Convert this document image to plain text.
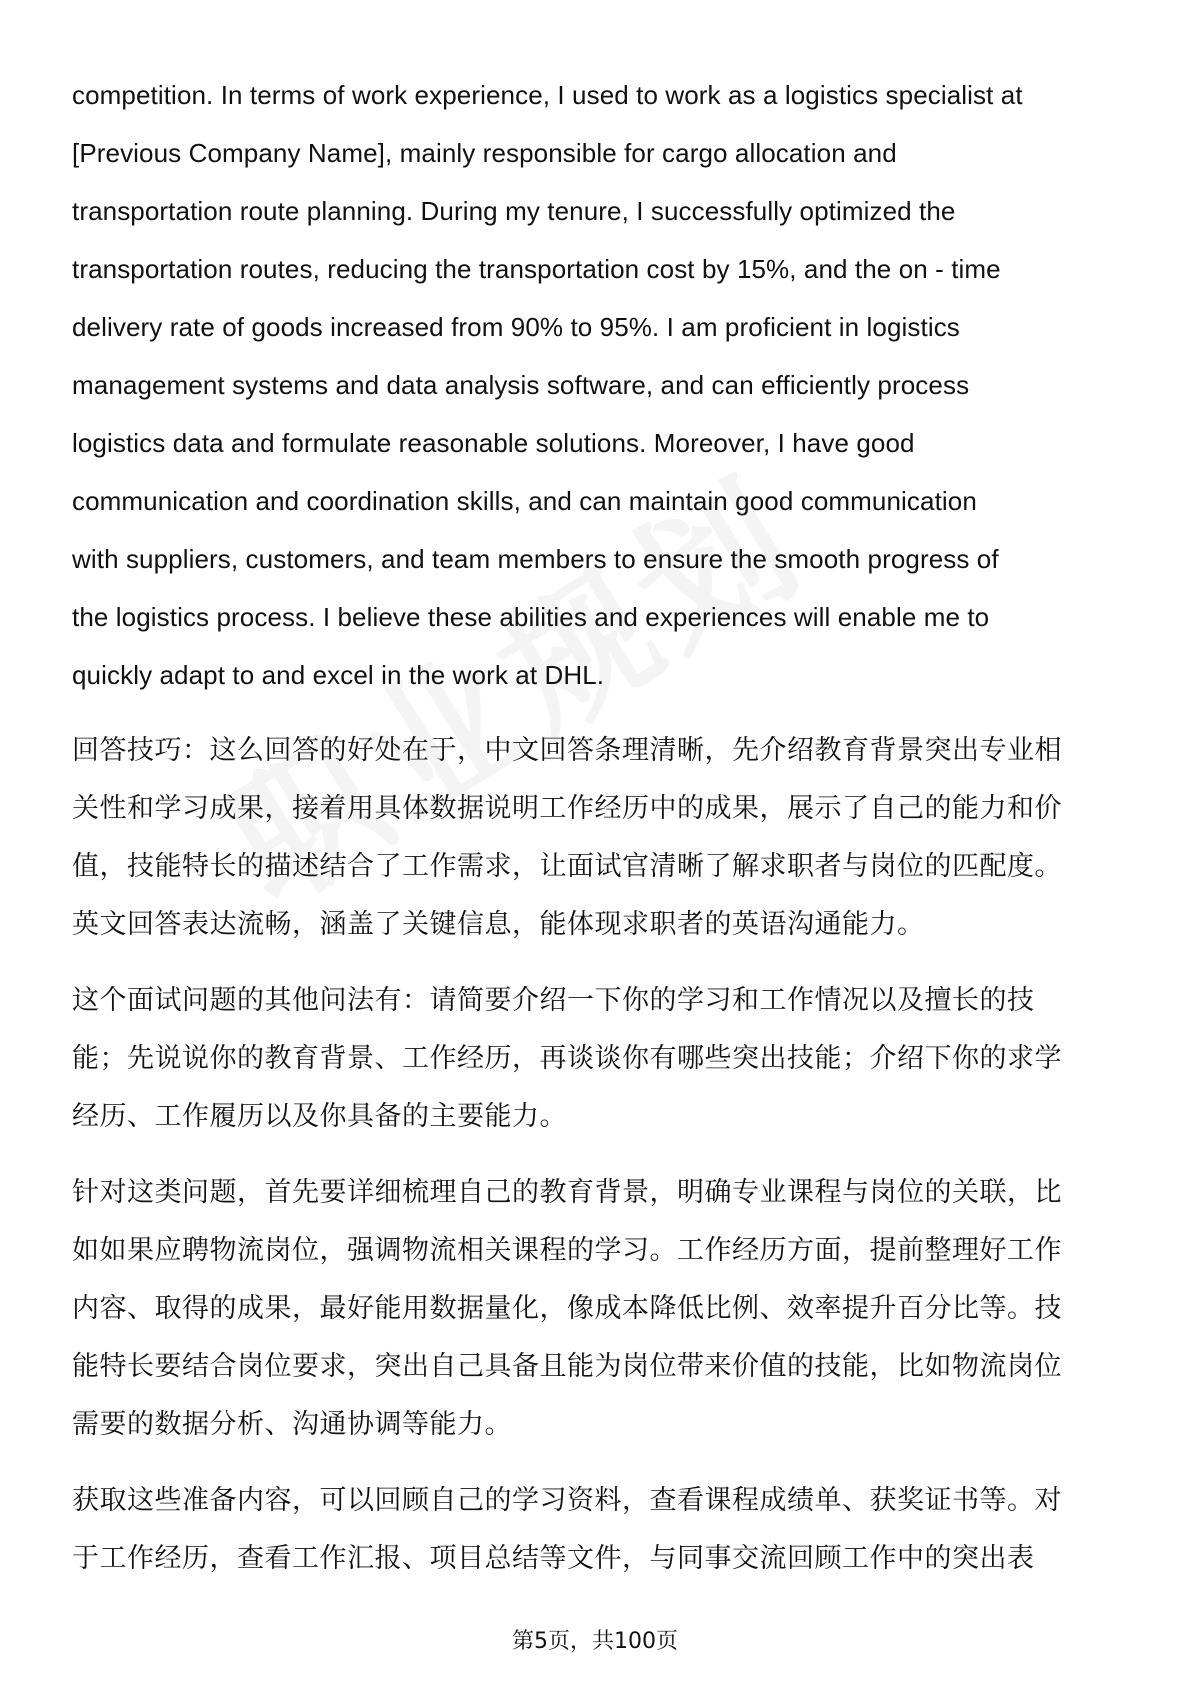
competition. In terms of work experience, I used to work as a logistics specialist at
[Previous Company Name], mainly responsible for cargo allocation and
transportation route planning. During my tenure, I successfully optimized the
transportation routes, reducing the transportation cost by 15%, and the on - time
delivery rate of goods increased from 90% to 95%. I am proficient in logistics
management systems and data analysis software, and can efficiently process
logistics data and formulate reasonable solutions. Moreover, I have good
communication and coordination skills, and can maintain good communication
with suppliers, customers, and team members to ensure the smooth progress of
the logistics process. I believe these abilities and experiences will enable me to
quickly adapt to and excel in the work at DHL.

回答技巧：这么回答的好处在于，中文回答条理清晰，先介绍教育背景突出专业相
关性和学习成果，接着用具体数据说明工作经历中的成果，展示了自己的能力和价
值，技能特长的描述结合了工作需求，让面试官清晰了解求职者与岗位的匹配度。
英文回答表达流畅，涵盖了关键信息，能体现求职者的英语沟通能力。

这个面试问题的其他问法有：请简要介绍一下你的学习和工作情况以及擅长的技
能；先说说你的教育背景、工作经历，再谈谈你有哪些突出技能；介绍下你的求学
经历、工作履历以及你具备的主要能力。

针对这类问题，首先要详细梳理自己的教育背景，明确专业课程与岗位的关联，比
如如果应聘物流岗位，强调物流相关课程的学习。工作经历方面，提前整理好工作
内容、取得的成果，最好能用数据量化，像成本降低比例、效率提升百分比等。技
能特长要结合岗位要求，突出自己具备且能为岗位带来价值的技能，比如物流岗位
需要的数据分析、沟通协调等能力。

获取这些准备内容，可以回顾自己的学习资料，查看课程成绩单、获奖证书等。对
于工作经历，查看工作汇报、项目总结等文件，与同事交流回顾工作中的突出表

第5页，共100页
